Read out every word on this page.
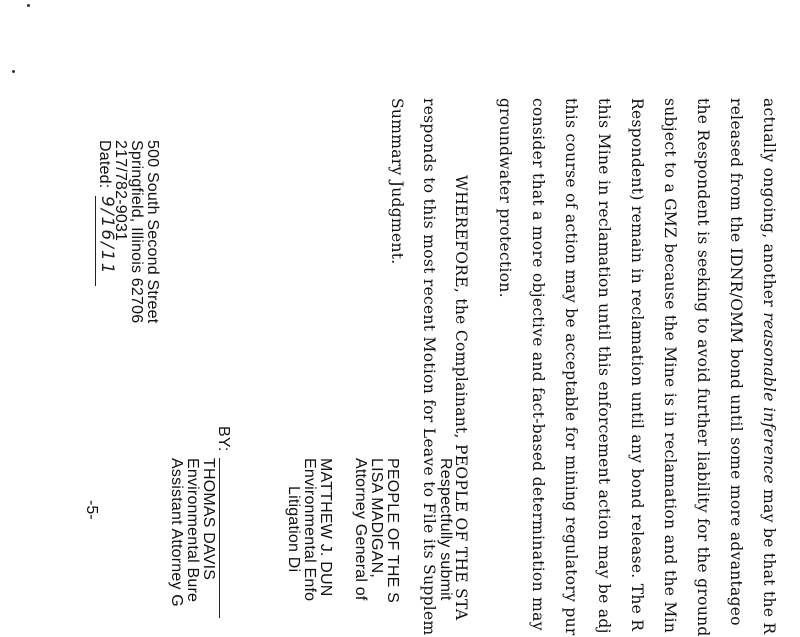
actually ongoing, another reasonable inference may be that the R
released from the IDNR/OMM bond until some more advantageo
the Respondent is seeking to avoid further liability for the ground
subject to a GMZ because the Mine is in reclamation and the Min
Respondent) remain in reclamation until any bond release. The R
this Mine in reclamation until this enforcement action may be adj
this course of action may be acceptable for mining regulatory pur
consider that a more objective and fact-based determination may
groundwater protection.
WHEREFORE, the Complainant, PEOPLE OF THE STA
responds to this most recent Motion for Leave to File its Supplem
Summary Judgment.
Respectfully submit
PEOPLE OF THE S
LISA MADIGAN,
Attorney General of
MATTHEW J. DUN
Environmental Enfo
Litigation Di
BY:
THOMAS DAVIS
Environmental Bure
Assistant Attorney G
500 South Second Street
Springfield, Illinois 62706
217/782-9031
Dated:
9/16/11
-5-
